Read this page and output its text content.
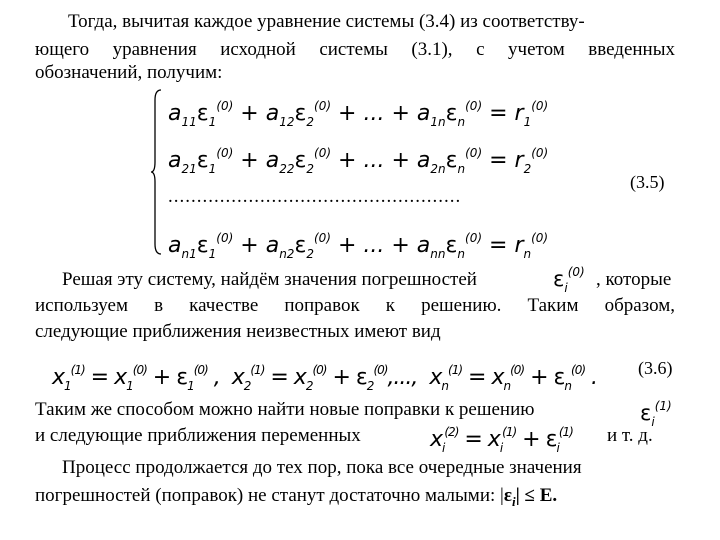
Тогда, вычитая каждое уравнение системы (3.4) из соответству-
ющего уравнения исходной системы (3.1), с учетом введенных
обозначений, получим:
$a_{11}\varepsilon_1^{(0)} + a_{12}\varepsilon_2^{(0)}$ + ... + $a_{1n}\varepsilon_n^{(0)} = r_1^{(0)}$
$a_{21}\varepsilon_1^{(0)} + a_{22}\varepsilon_2^{(0)}$ + ... + $a_{2n}\varepsilon_n^{(0)} = r_2^{(0)}$
...................................................
(3.5)
$a_{n1}\varepsilon_1^{(0)} + a_{n2}\varepsilon_2^{(0)}$ + ... + $a_{nn}\varepsilon_n^{(0)} = r_n^{(0)}$
Решая эту систему, найдём значения погрешностей	$\varepsilon_i^{(0)}$ , которые
используем в качестве поправок к решению. Таким образом,
следующие приближения неизвестных имеют вид
$x_1^{(1)} = x_1^{(0)} + \varepsilon_1^{(0)}$ ,  $x_2^{(1)} = x_2^{(0)} + \varepsilon_2^{(0)}$,...,  $x_n^{(1)} = x_n^{(0)} + \varepsilon_n^{(0)}$ . (3.6)
Таким же способом можно найти новые поправки к решению	$\varepsilon_i^{(1)}$
и следующие приближения переменных	$x_i^{(2)} = x_i^{(1)} + \varepsilon_i^{(1)}$ и т. д.
Процесс продолжается до тех пор, пока все очередные значения
погрешностей (поправок) не станут достаточно малыми: $|\varepsilon_i| \le E$.
